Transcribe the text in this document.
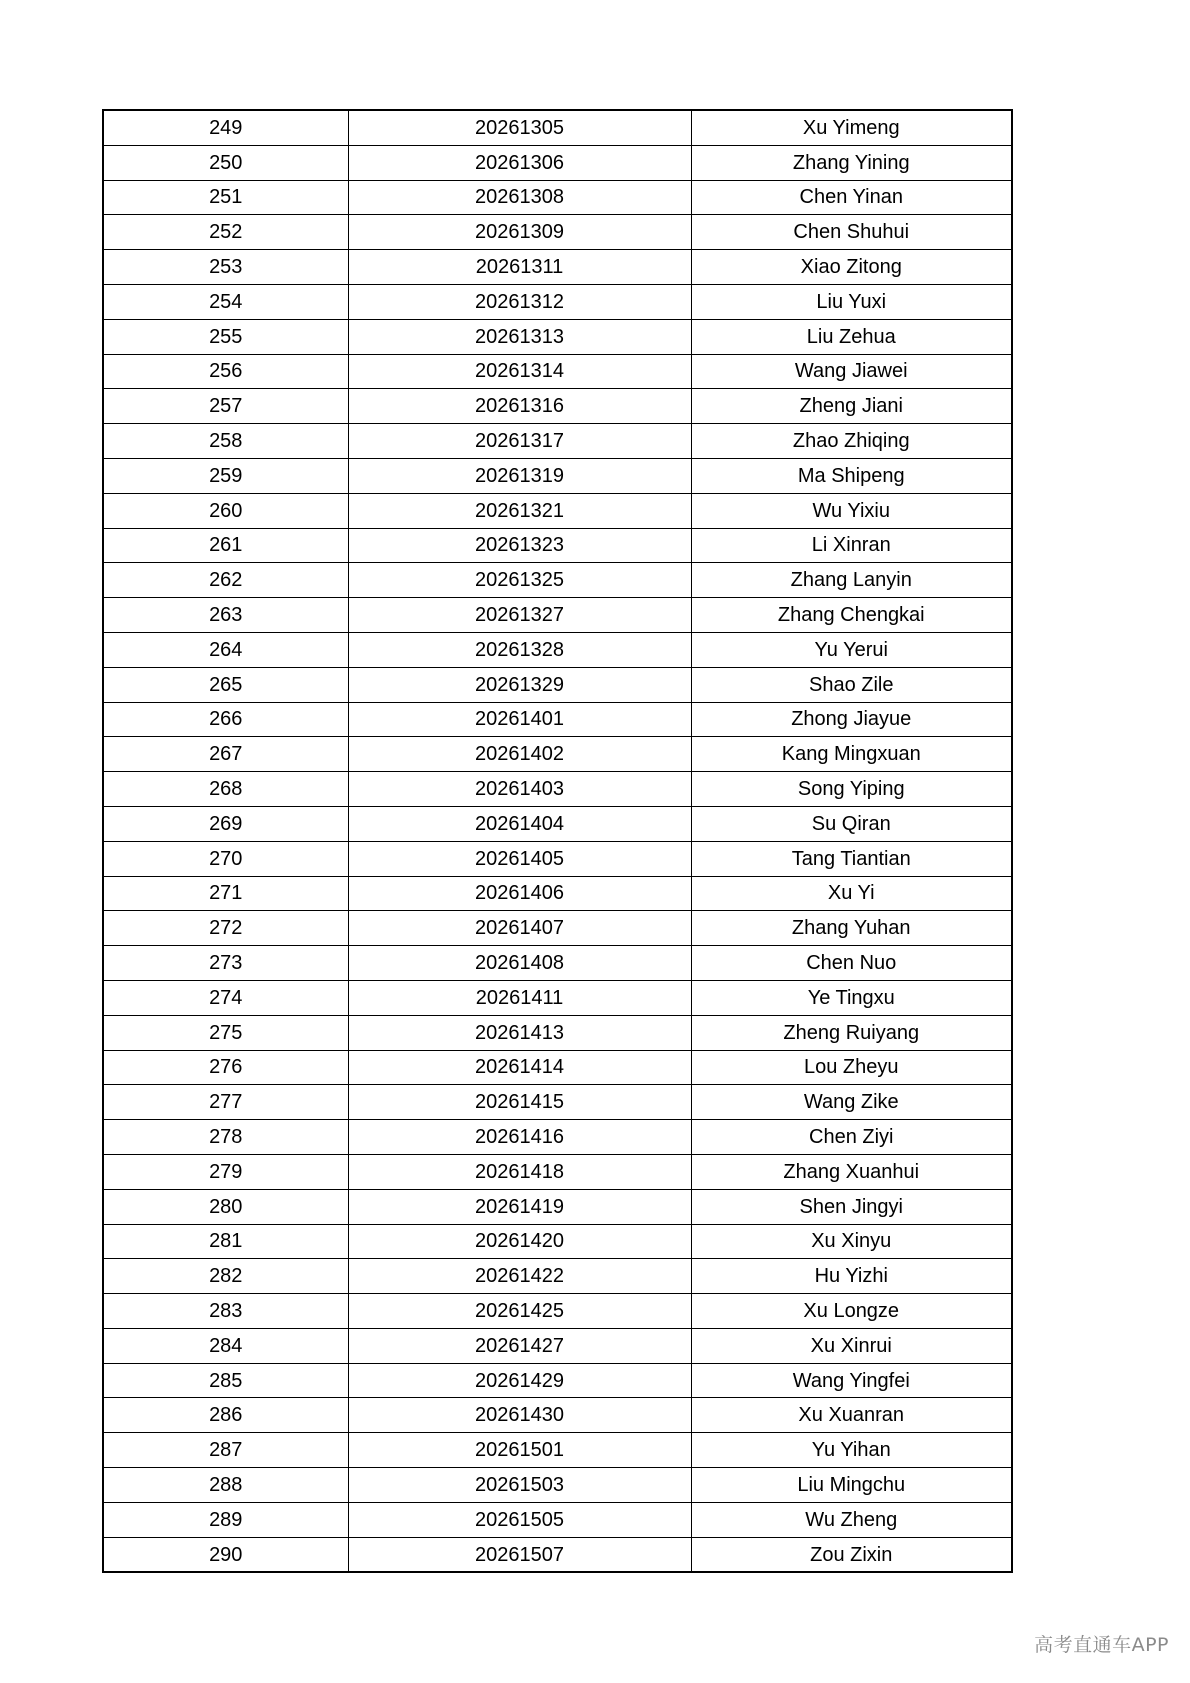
249	20261305	Xu Yimeng
250	20261306	Zhang Yining
251	20261308	Chen Yinan
252	20261309	Chen Shuhui
253	20261311	Xiao Zitong
254	20261312	Liu Yuxi
255	20261313	Liu Zehua
256	20261314	Wang Jiawei
257	20261316	Zheng Jiani
258	20261317	Zhao Zhiqing
259	20261319	Ma Shipeng
260	20261321	Wu Yixiu
261	20261323	Li Xinran
262	20261325	Zhang Lanyin
263	20261327	Zhang Chengkai
264	20261328	Yu Yerui
265	20261329	Shao Zile
266	20261401	Zhong Jiayue
267	20261402	Kang Mingxuan
268	20261403	Song Yiping
269	20261404	Su Qiran
270	20261405	Tang Tiantian
271	20261406	Xu Yi
272	20261407	Zhang Yuhan
273	20261408	Chen Nuo
274	20261411	Ye Tingxu
275	20261413	Zheng Ruiyang
276	20261414	Lou Zheyu
277	20261415	Wang Zike
278	20261416	Chen Ziyi
279	20261418	Zhang Xuanhui
280	20261419	Shen Jingyi
281	20261420	Xu Xinyu
282	20261422	Hu Yizhi
283	20261425	Xu Longze
284	20261427	Xu Xinrui
285	20261429	Wang Yingfei
286	20261430	Xu Xuanran
287	20261501	Yu Yihan
288	20261503	Liu Mingchu
289	20261505	Wu Zheng
290	20261507	Zou Zixin
高考直通车APP
